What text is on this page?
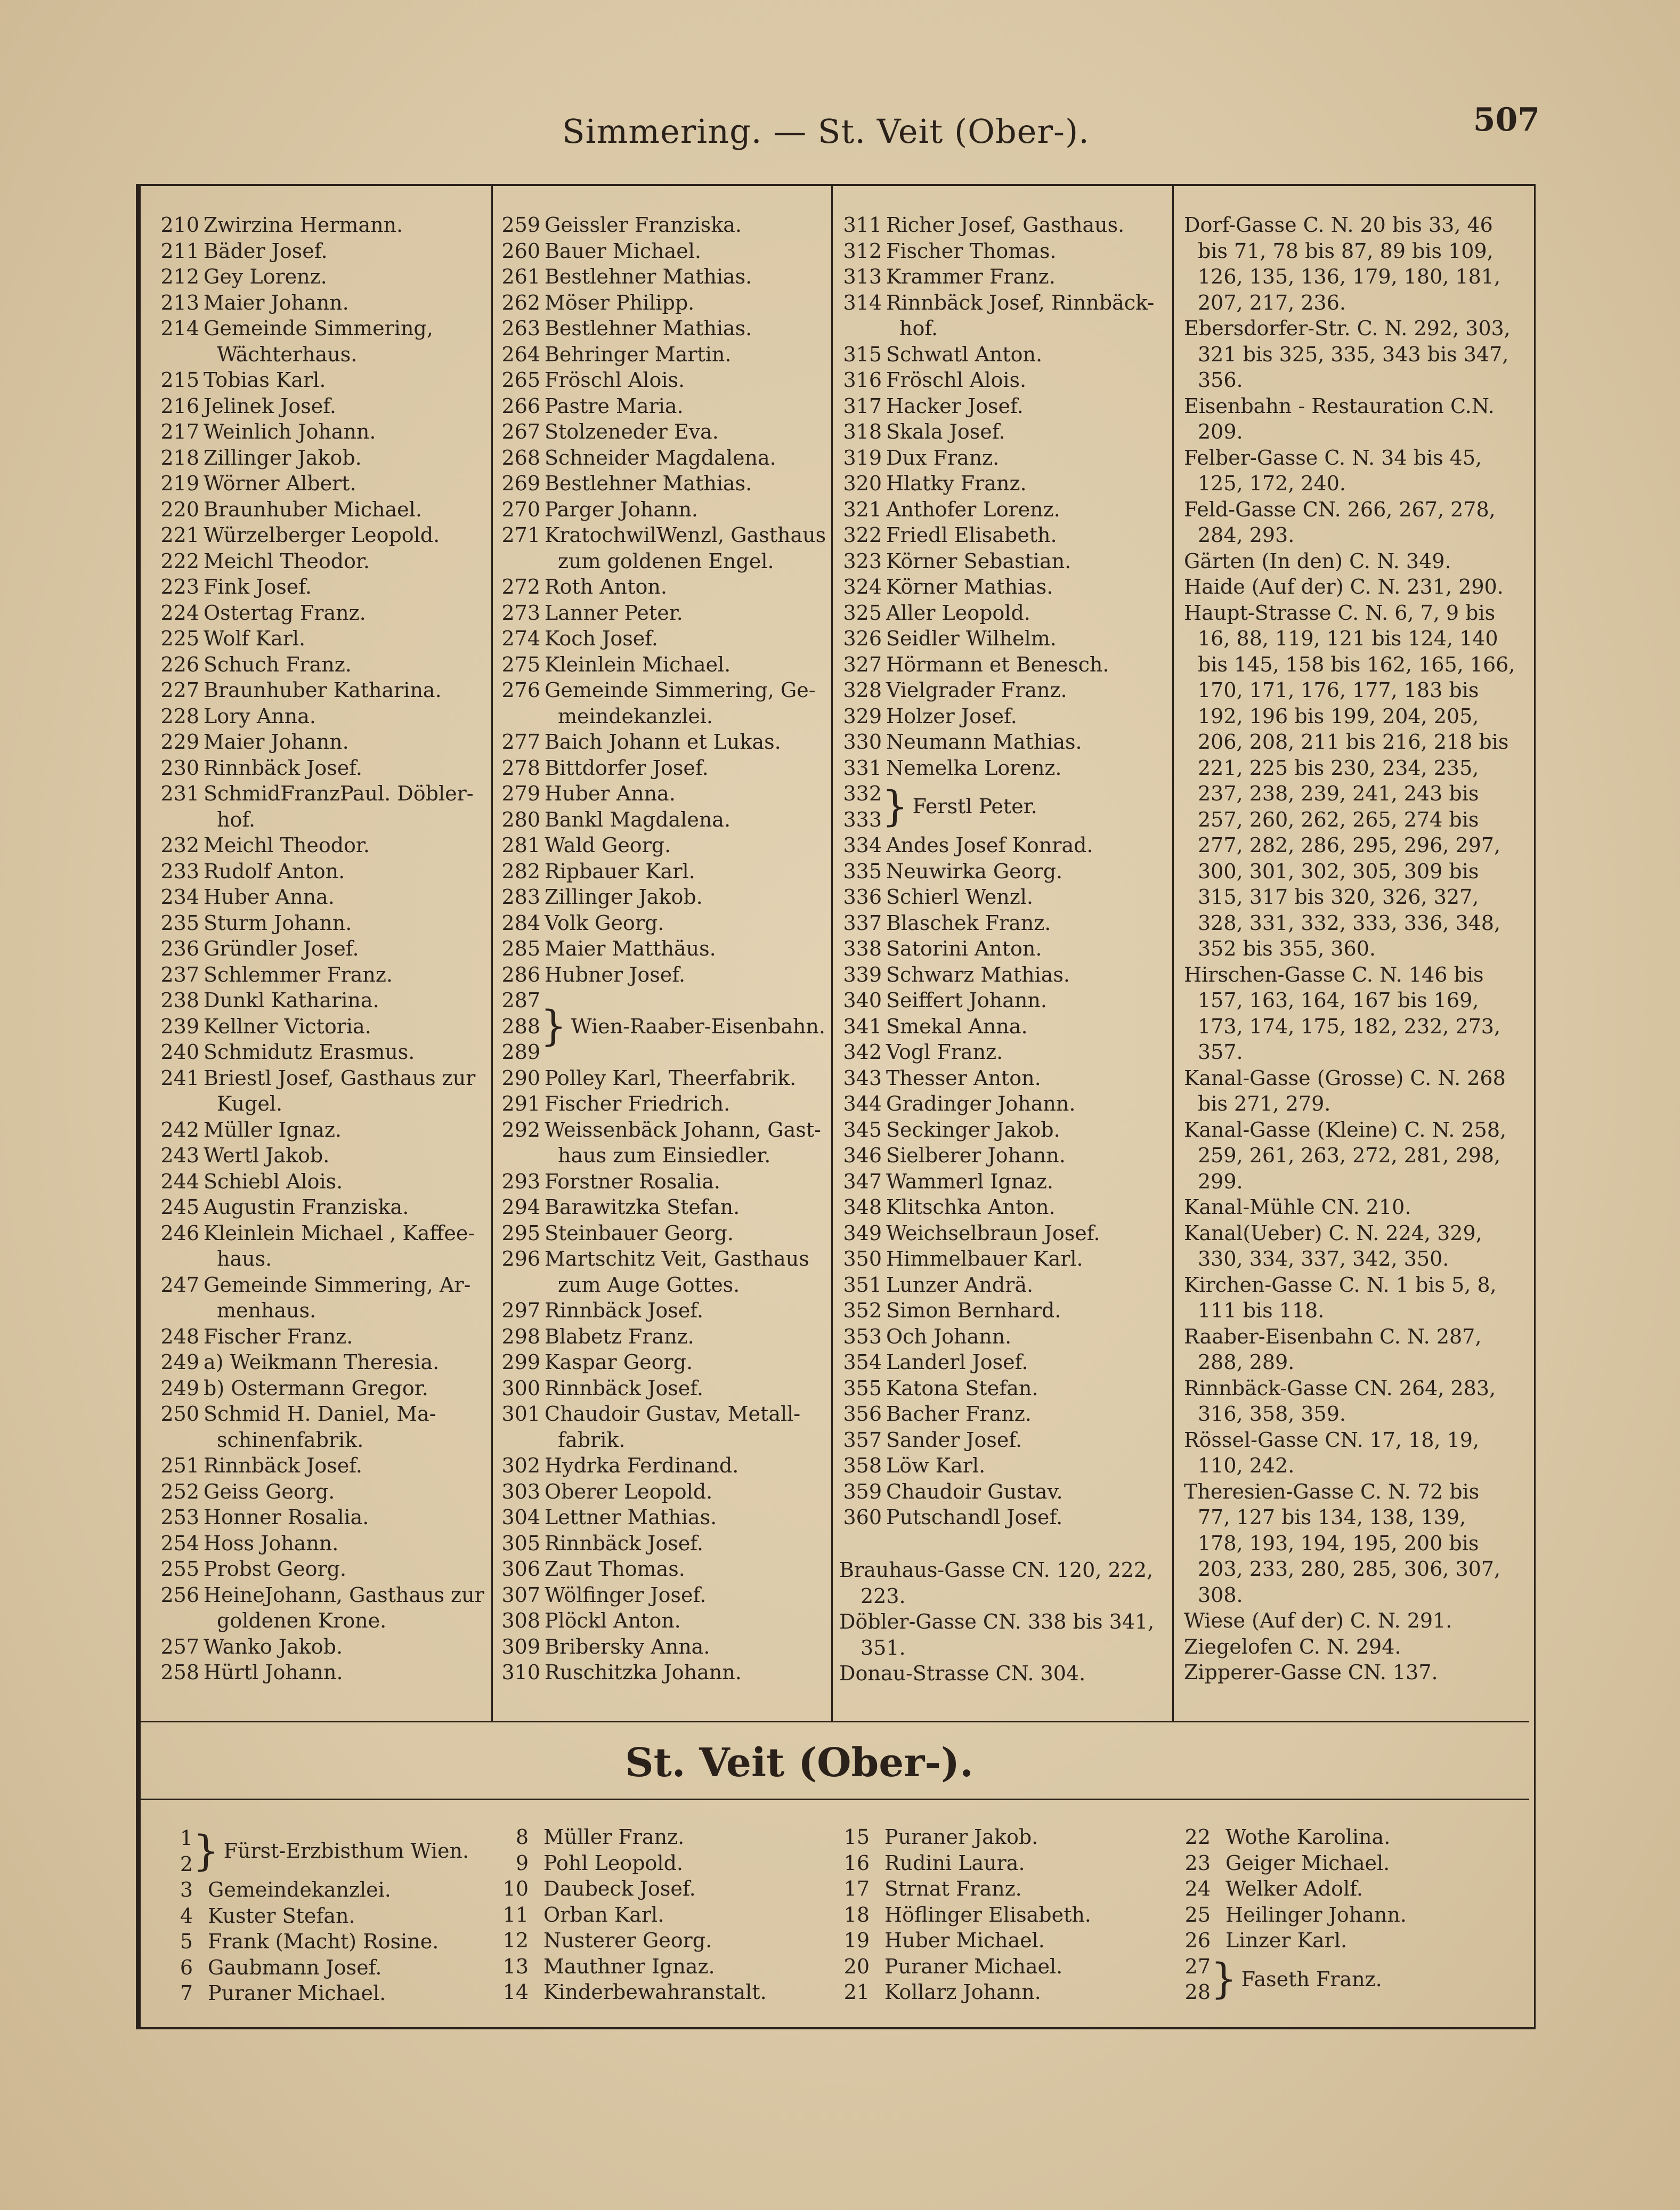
Simmering. — St. Veit (Ober-).	507
210 Zwirzina Hermann.
211 Bäder Josef.
212 Gey Lorenz.
213 Maier Johann.
214 Gemeinde Simmering,
Wächterhaus.
215 Tobias Karl.
216 Jelinek Josef.
217 Weinlich Johann.
218 Zillinger Jakob.
219 Wörner Albert.
220 Braunhuber Michael.
221 Würzelberger Leopold.
222 Meichl Theodor.
223 Fink Josef.
224 Ostertag Franz.
225 Wolf Karl.
226 Schuch Franz.
227 Braunhuber Katharina.
228 Lory Anna.
229 Maier Johann.
230 Rinnbäck Josef.
231 SchmidFranzPaul. Döbler-
hof.
232 Meichl Theodor.
233 Rudolf Anton.
234 Huber Anna.
235 Sturm Johann.
236 Gründler Josef.
237 Schlemmer Franz.
238 Dunkl Katharina.
239 Kellner Victoria.
240 Schmidutz Erasmus.
241 Briestl Josef, Gasthaus zur
Kugel.
242 Müller Ignaz.
243 Wertl Jakob.
244 Schiebl Alois.
245 Augustin Franziska.
246 Kleinlein Michael , Kaffee-
haus.
247 Gemeinde Simmering, Ar-
menhaus.
248 Fischer Franz.
249 a) Weikmann Theresia.
249 b) Ostermann Gregor.
250 Schmid H. Daniel, Ma-
schinenfabrik.
251 Rinnbäck Josef.
252 Geiss Georg.
253 Honner Rosalia.
254 Hoss Johann.
255 Probst Georg.
256 HeineJohann, Gasthaus zur
goldenen Krone.
257 Wanko Jakob.
258 Hürtl Johann.
259 Geissler Franziska.
260 Bauer Michael.
261 Bestlehner Mathias.
262 Möser Philipp.
263 Bestlehner Mathias.
264 Behringer Martin.
265 Fröschl Alois.
266 Pastre Maria.
267 Stolzeneder Eva.
268 Schneider Magdalena.
269 Bestlehner Mathias.
270 Parger Johann.
271 KratochwilWenzl, Gasthaus
zum goldenen Engel.
272 Roth Anton.
273 Lanner Peter.
274 Koch Josef.
275 Kleinlein Michael.
276 Gemeinde Simmering, Ge-
meindekanzlei.
277 Baich Johann et Lukas.
278 Bittdorfer Josef.
279 Huber Anna.
280 Bankl Magdalena.
281 Wald Georg.
282 Ripbauer Karl.
283 Zillinger Jakob.
284 Volk Georg.
285 Maier Matthäus.
286 Hubner Josef.
287
288
289
} Wien-Raaber-Eisenbahn.
290 Polley Karl, Theerfabrik.
291 Fischer Friedrich.
292 Weissenbäck Johann, Gast-
haus zum Einsiedler.
293 Forstner Rosalia.
294 Barawitzka Stefan.
295 Steinbauer Georg.
296 Martschitz Veit, Gasthaus
zum Auge Gottes.
297 Rinnbäck Josef.
298 Blabetz Franz.
299 Kaspar Georg.
300 Rinnbäck Josef.
301 Chaudoir Gustav, Metall-
fabrik.
302 Hydrka Ferdinand.
303 Oberer Leopold.
304 Lettner Mathias.
305 Rinnbäck Josef.
306 Zaut Thomas.
307 Wölfinger Josef.
308 Plöckl Anton.
309 Bribersky Anna.
310 Ruschitzka Johann.
311 Richer Josef, Gasthaus.
312 Fischer Thomas.
313 Krammer Franz.
314 Rinnbäck Josef, Rinnbäck-
hof.
315 Schwatl Anton.
316 Fröschl Alois.
317 Hacker Josef.
318 Skala Josef.
319 Dux Franz.
320 Hlatky Franz.
321 Anthofer Lorenz.
322 Friedl Elisabeth.
323 Körner Sebastian.
324 Körner Mathias.
325 Aller Leopold.
326 Seidler Wilhelm.
327 Hörmann et Benesch.
328 Vielgrader Franz.
329 Holzer Josef.
330 Neumann Mathias.
331 Nemelka Lorenz.
332
333 } Ferstl Peter.
334 Andes Josef Konrad.
335 Neuwirka Georg.
336 Schierl Wenzl.
337 Blaschek Franz.
338 Satorini Anton.
339 Schwarz Mathias.
340 Seiffert Johann.
341 Smekal Anna.
342 Vogl Franz.
343 Thesser Anton.
344 Gradinger Johann.
345 Seckinger Jakob.
346 Sielberer Johann.
347 Wammerl Ignaz.
348 Klitschka Anton.
349 Weichselbraun Josef.
350 Himmelbauer Karl.
351 Lunzer Andrä.
352 Simon Bernhard.
353 Och Johann.
354 Landerl Josef.
355 Katona Stefan.
356 Bacher Franz.
357 Sander Josef.
358 Löw Karl.
359 Chaudoir Gustav.
360 Putschandl Josef.
Brauhaus-Gasse CN. 120, 222, 223.
Döbler-Gasse CN. 338 bis 341, 351.
Donau-Strasse CN. 304.
Dorf-Gasse C. N. 20 bis 33, 46 bis 71, 78 bis 87, 89 bis 109, 126, 135, 136, 179, 180, 181, 207, 217, 236.
Ebersdorfer-Str. C. N. 292, 303, 321 bis 325, 335, 343 bis 347, 356.
Eisenbahn - Restauration C.N. 209.
Felber-Gasse C. N. 34 bis 45, 125, 172, 240.
Feld-Gasse CN. 266, 267, 278, 284, 293.
Gärten (In den) C. N. 349.
Haide (Auf der) C. N. 231, 290.
Haupt-Strasse C. N. 6, 7, 9 bis 16, 88, 119, 121 bis 124, 140 bis 145, 158 bis 162, 165, 166, 170, 171, 176, 177, 183 bis 192, 196 bis 199, 204, 205, 206, 208, 211 bis 216, 218 bis 221, 225 bis 230, 234, 235, 237, 238, 239, 241, 243 bis 257, 260, 262, 265, 274 bis 277, 282, 286, 295, 296, 297, 300, 301, 302, 305, 309 bis 315, 317 bis 320, 326, 327, 328, 331, 332, 333, 336, 348, 352 bis 355, 360.
Hirschen-Gasse C. N. 146 bis 157, 163, 164, 167 bis 169, 173, 174, 175, 182, 232, 273, 357.
Kanal-Gasse (Grosse) C. N. 268 bis 271, 279.
Kanal-Gasse (Kleine) C. N. 258, 259, 261, 263, 272, 281, 298, 299.
Kanal-Mühle CN. 210.
Kanal(Ueber) C. N. 224, 329, 330, 334, 337, 342, 350.
Kirchen-Gasse C. N. 1 bis 5, 8, 111 bis 118.
Raaber-Eisenbahn C. N. 287, 288, 289.
Rinnbäck-Gasse CN. 264, 283, 316, 358, 359.
Rössel-Gasse CN. 17, 18, 19, 110, 242.
Theresien-Gasse C. N. 72 bis 77, 127 bis 134, 138, 139, 178, 193, 194, 195, 200 bis 203, 233, 280, 285, 306, 307, 308.
Wiese (Auf der) C. N. 291.
Ziegelofen C. N. 294.
Zipperer-Gasse CN. 137.
St. Veit (Ober-).
1
2 } Fürst-Erzbisthum Wien.
3 Gemeindekanzlei.
4 Kuster Stefan.
5 Frank (Macht) Rosine.
6 Gaubmann Josef.
7 Puraner Michael.
8 Müller Franz.
9 Pohl Leopold.
10 Daubeck Josef.
11 Orban Karl.
12 Nusterer Georg.
13 Mauthner Ignaz.
14 Kinderbewahranstalt.
15 Puraner Jakob.
16 Rudini Laura.
17 Strnat Franz.
18 Höflinger Elisabeth.
19 Huber Michael.
20 Puraner Michael.
21 Kollarz Johann.
22 Wothe Karolina.
23 Geiger Michael.
24 Welker Adolf.
25 Heilinger Johann.
26 Linzer Karl.
27
28 } Faseth Franz.
